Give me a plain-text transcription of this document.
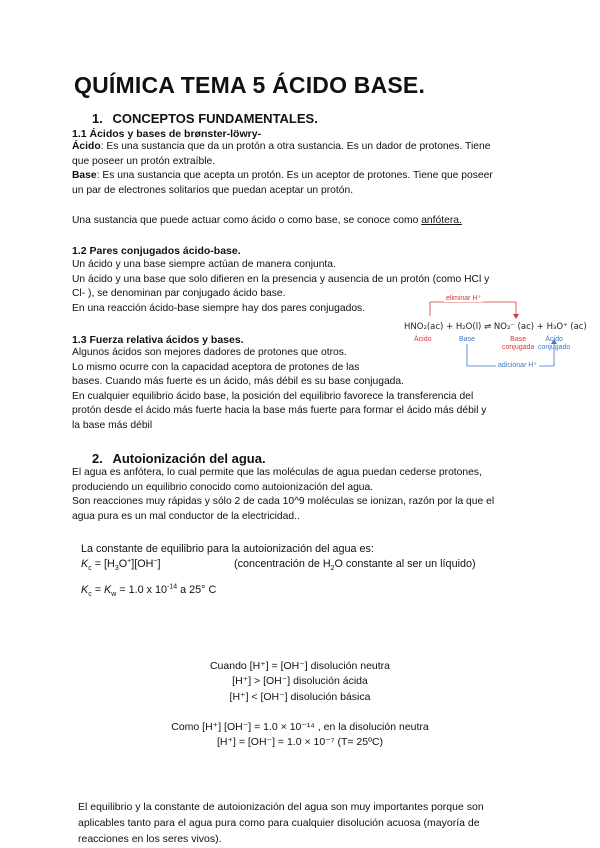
QUÍMICA TEMA 5 ÁCIDO BASE.
1. CONCEPTOS FUNDAMENTALES.
1.1 Ácidos y bases de brønster-löwry-
Ácido: Es una sustancia que da un protón a otra sustancia. Es un dador de protones. Tiene
que poseer un protón extraíble.
Base: Es una sustancia que acepta un protón. Es un aceptor de protones. Tiene que poseer
un par de electrones solitarios que puedan aceptar un protón.
Una sustancia que puede actuar como ácido o como base, se conoce como anfótera.
1.2 Pares conjugados ácido-base.
Un ácido y una base siempre actúan de manera conjunta.
Un ácido y una base que solo difieren en la presencia y ausencia de un protón (como HCl y
Cl- ), se denominan par conjugado ácido base.
En una reacción ácido-base siempre hay dos pares conjugados.
1.3 Fuerza relativa ácidos y bases.
Algunos ácidos son mejores dadores de protones que otros.
Lo mismo ocurre con la capacidad aceptora de protones de las
bases. Cuando más fuerte es un ácido, más débil es su base conjugada.
En cualquier equilibrio ácido base, la posición del equilibrio favorece la transferencia del
protón desde el ácido más fuerte hacia la base más fuerte para formar el ácido más débil y
la base más débil
eliminar H⁺
HNO₂(ac) + H₂O(l) ⇌ NO₂⁻ (ac) + H₃O⁺ (ac)
Ácido	Base	Base
conjugada
Ácido
conjugado
adicionar H⁺
2. Autoionización del agua.
El agua es anfótera, lo cual permite que las moléculas de agua puedan cederse protones,
produciendo un equilibrio conocido como autoionización del agua.
Son reacciones muy rápidas y sólo 2 de cada 10^9 moléculas se ionizan, razón por la que el
agua pura es un mal conductor de la electricidad..
La constante de equilibrio para la autoionización del agua es:
$K_c = [H_3O^+][OH^-]$	(concentración de $H_2O$ constante al ser un líquido)
$K_c = K_w = 1.0$ x $10^{-14}$ a 25° C
Cuando [H⁺] = [OH⁻] disolución neutra
[H⁺] > [OH⁻] disolución ácida
[H⁺] < [OH⁻] disolución básica
Como [H⁺] [OH⁻] = 1.0 × 10⁻¹⁴ , en la disolución neutra
[H⁺] = [OH⁻] = 1.0 × 10⁻⁷ (T= 25ºC)
El equilibrio y la constante de autoionización del agua son muy importantes porque son
aplicables tanto para el agua pura como para cualquier disolución acuosa (mayoría de
reacciones en los seres vivos).
